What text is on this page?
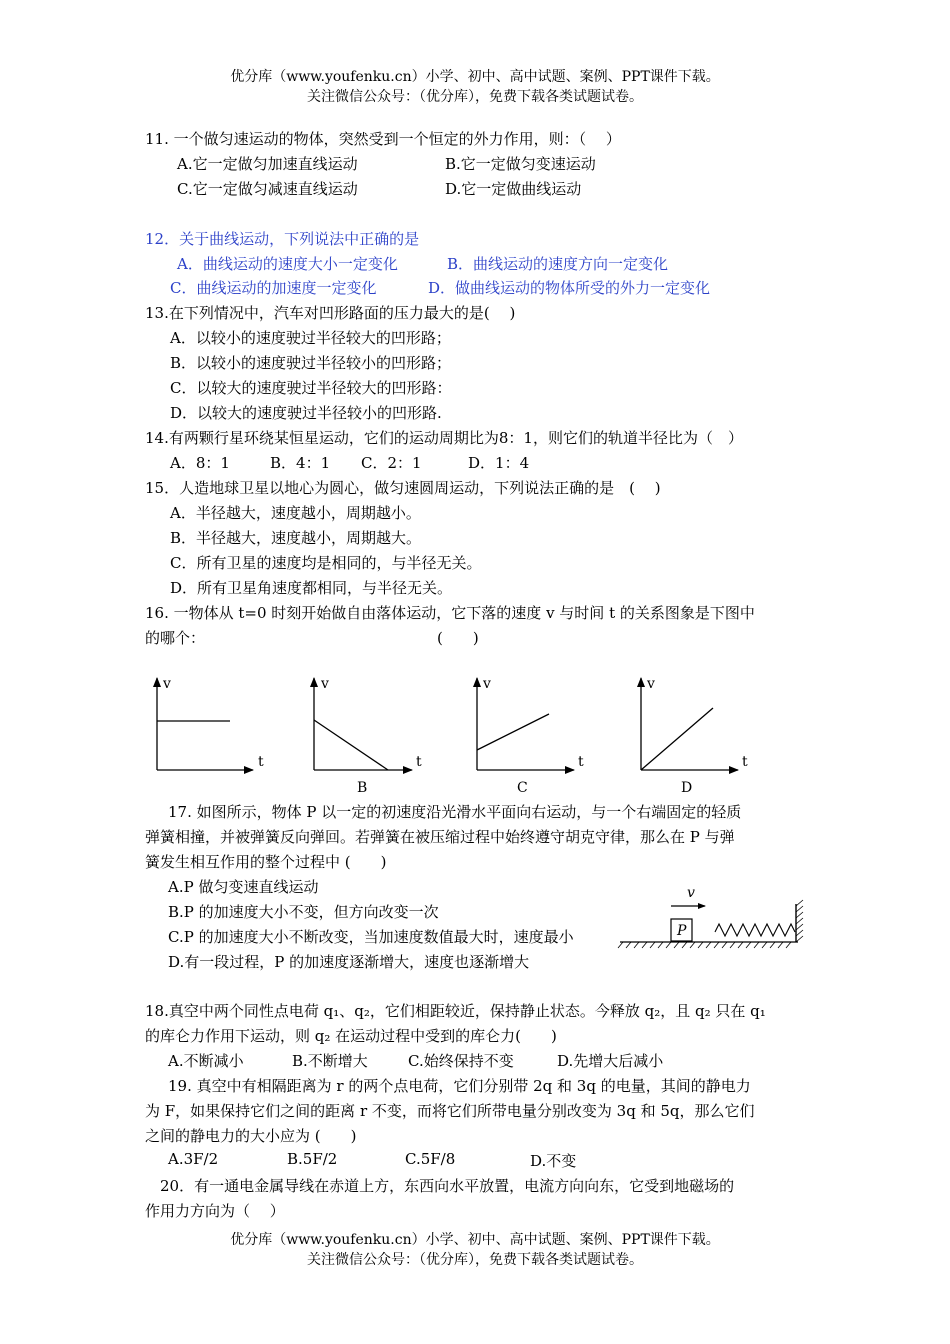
优分库（www.youfenku.cn）小学、初中、高中试题、案例、PPT课件下载。
关注微信公众号：（优分库），免费下载各类试题试卷。
11. 一个做匀速运动的物体，突然受到一个恒定的外力作用，则：（　 ）
A.它一定做匀加速直线运动	B.它一定做匀变速运动
C.它一定做匀减速直线运动	D.它一定做曲线运动
12．关于曲线运动，下列说法中正确的是
A．曲线运动的速度大小一定变化	B．曲线运动的速度方向一定变化
C．曲线运动的加速度一定变化	D．做曲线运动的物体所受的外力一定变化
13.在下列情况中，汽车对凹形路面的压力最大的是(　 )
A．以较小的速度驶过半径较大的凹形路；
B．以较小的速度驶过半径较小的凹形路；
C．以较大的速度驶过半径较大的凹形路：
D．以较大的速度驶过半径较小的凹形路.
14.有两颗行星环绕某恒星运动，它们的运动周期比为8：1，则它们的轨道半径比为（　）
A．8：1	B．4：1 C．2：1	D．1：4
15．人造地球卫星以地心为圆心，做匀速圆周运动，下列说法正确的是　(　 )
A．半径越大，速度越小，周期越小。
B．半径越大，速度越小，周期越大。
C．所有卫星的速度均是相同的，与半径无关。
D．所有卫星角速度都相同，与半径无关。
16. 一物体从 t=0 时刻开始做自由落体运动，它下落的速度 v 与时间 t 的关系图象是下图中
的哪个：	(　　)
v
t
v
t
B
v
t
C
v
t
D
17. 如图所示，物体 P 以一定的初速度沿光滑水平面向右运动，与一个右端固定的轻质
弹簧相撞，并被弹簧反向弹回。若弹簧在被压缩过程中始终遵守胡克守律，那么在 P 与弹
簧发生相互作用的整个过程中 (　　)
A.P 做匀变速直线运动
B.P 的加速度大小不变，但方向改变一次
C.P 的加速度大小不断改变，当加速度数值最大时，速度最小
D.有一段过程，P 的加速度逐渐增大，速度也逐渐增大
v
P
18.真空中两个同性点电荷 q₁、q₂，它们相距较近，保持静止状态。今释放 q₂，且 q₂ 只在 q₁
的库仑力作用下运动，则 q₂ 在运动过程中受到的库仑力(　　)
A.不断减小	B.不断增大	C.始终保持不变	D.先增大后减小
19. 真空中有相隔距离为 r 的两个点电荷，它们分别带 2q 和 3q 的电量，其间的静电力
为 F，如果保持它们之间的距离 r 不变，而将它们所带电量分别改变为 3q 和 5q，那么它们
之间的静电力的大小应为 (　　)
A.3F/2	B.5F/2	C.5F/8	D.不变
20．有一通电金属导线在赤道上方，东西向水平放置，电流方向向东，它受到地磁场的
作用力方向为（　 ）
优分库（www.youfenku.cn）小学、初中、高中试题、案例、PPT课件下载。
关注微信公众号：（优分库），免费下载各类试题试卷。
